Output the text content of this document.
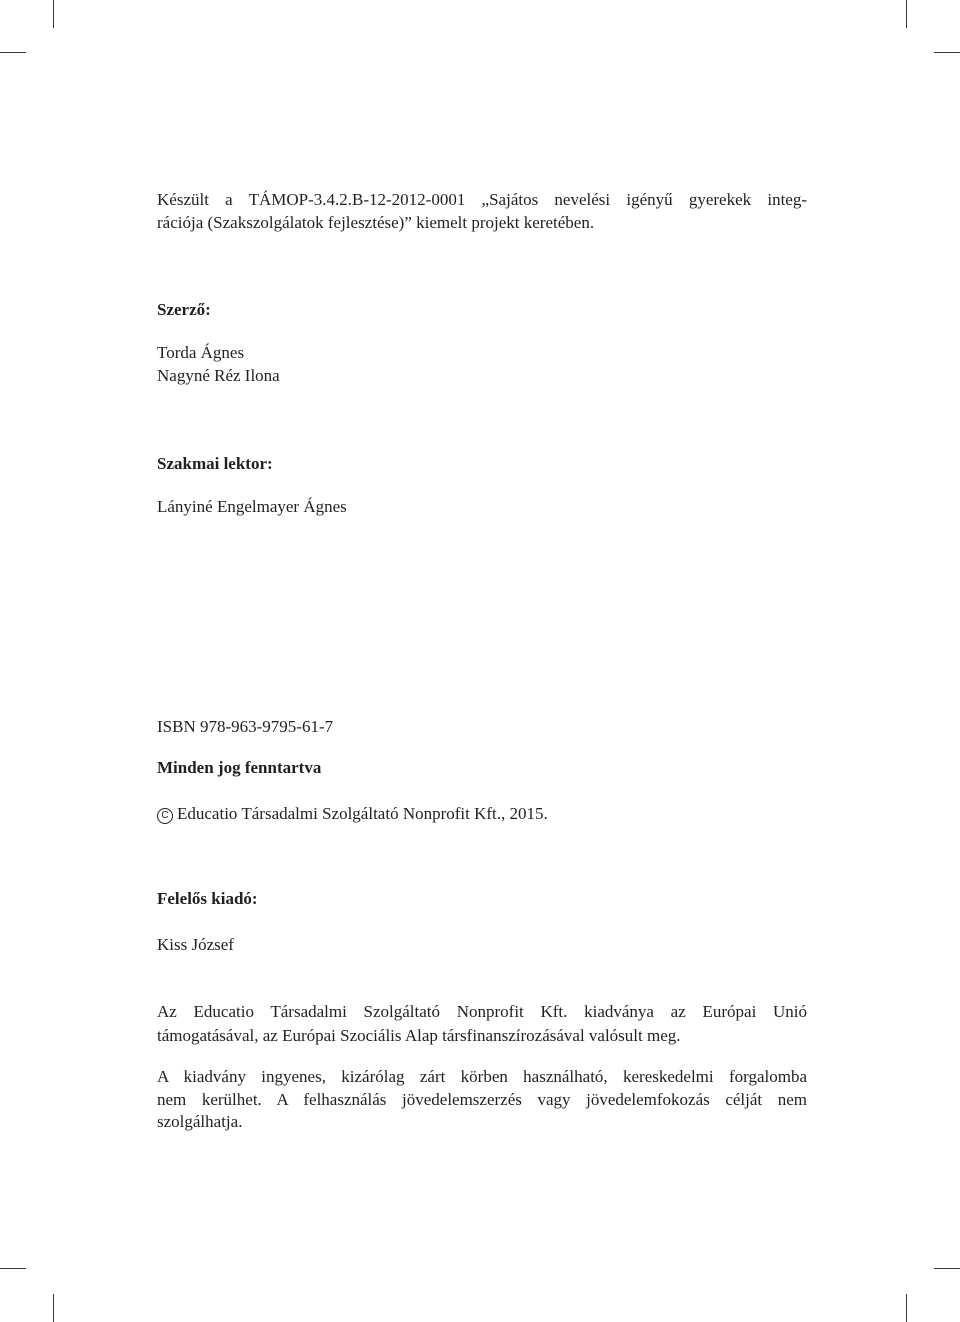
Készült a TÁMOP-3.4.2.B-12-2012-0001 „Sajátos nevelési igényű gyerekek integ-
rációja (Szakszolgálatok fejlesztése)” kiemelt projekt keretében.
Szerző:
Torda Ágnes
Nagyné Réz Ilona
Szakmai lektor:
Lányiné Engelmayer Ágnes
ISBN 978-963-9795-61-7
Minden jog fenntartva
C Educatio Társadalmi Szolgáltató Nonprofit Kft., 2015.
Felelős kiadó:
Kiss József
Az Educatio Társadalmi Szolgáltató Nonprofit Kft. kiadványa az Európai Unió
támogatásával, az Európai Szociális Alap társfinanszírozásával valósult meg.
A kiadvány ingyenes, kizárólag zárt körben használható, kereskedelmi forgalomba
nem kerülhet. A felhasználás jövedelemszerzés vagy jövedelemfokozás célját nem
szolgálhatja.
